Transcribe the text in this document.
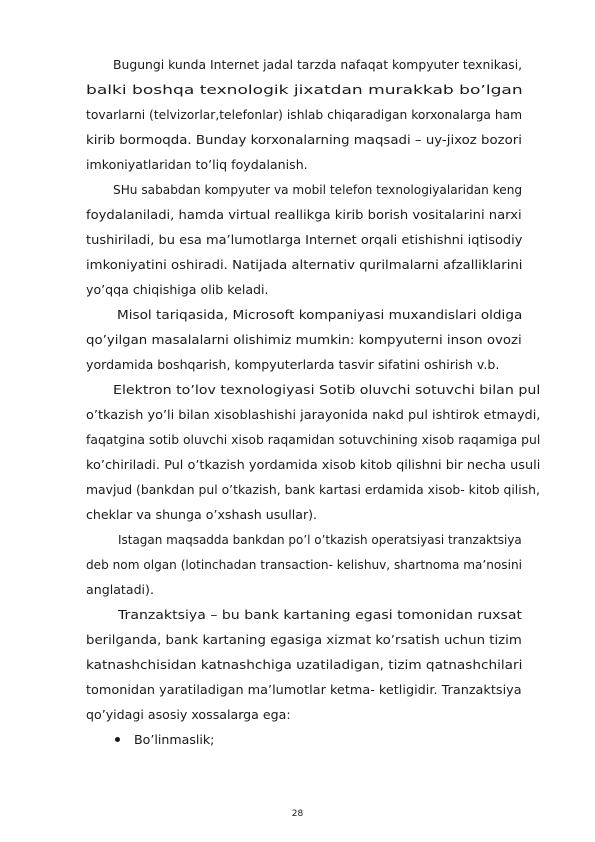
Bugungi kunda Internet jadal tarzda nafaqat kompyuter texnikasi,
balki boshqa texnologik jixatdan murakkab bo’lgan
tovarlarni (telvizorlar,telefonlar) ishlab chiqaradigan korxonalarga ham
kirib bormoqda. Bunday korxonalarning maqsadi – uy-jixoz bozori
imkoniyatlaridan to’liq foydalanish.
SHu sababdan kompyuter va mobil telefon texnologiyalaridan keng
foydalaniladi, hamda virtual reallikga kirib borish vositalarini narxi
tushiriladi, bu esa ma’lumotlarga Internet orqali etishishni iqtisodiy
imkoniyatini oshiradi. Natijada alternativ qurilmalarni afzalliklarini
yo’qqa chiqishiga olib keladi.
Misol tariqasida, Microsoft kompaniyasi muxandislari oldiga
qo’yilgan masalalarni olishimiz mumkin: kompyuterni inson ovozi
yordamida boshqarish, kompyuterlarda tasvir sifatini oshirish v.b.
Elektron to’lov texnologiyasi Sotib oluvchi sotuvchi bilan pul
o’tkazish yo’li bilan xisoblashishi jarayonida nakd pul ishtirok etmaydi,
faqatgina sotib oluvchi xisob raqamidan sotuvchining xisob raqamiga pul
ko’chiriladi. Pul o’tkazish yordamida xisob kitob qilishni bir necha usuli
mavjud (bankdan pul o’tkazish, bank kartasi erdamida xisob- kitob qilish,
cheklar va shunga o’xshash usullar).
Istagan maqsadda bankdan po’l o’tkazish operatsiyasi tranzaktsiya
deb nom olgan (lotinchadan transaction- kelishuv, shartnoma ma’nosini
anglatadi).
Tranzaktsiya – bu bank kartaning egasi tomonidan ruxsat
berilganda, bank kartaning egasiga xizmat ko’rsatish uchun tizim
katnashchisidan katnashchiga uzatiladigan, tizim qatnashchilari
tomonidan yaratiladigan ma’lumotlar ketma- ketligidir. Tranzaktsiya
qo’yidagi asosiy xossalarga ega:
Bo’linmaslik;
28
